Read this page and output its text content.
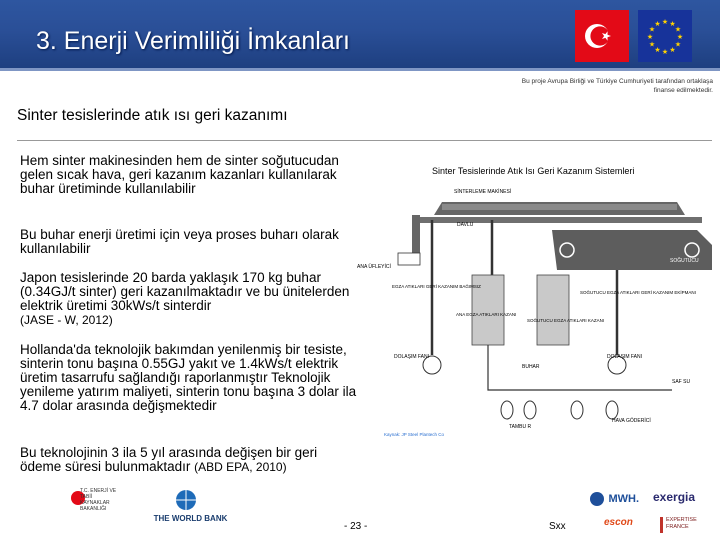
3. Enerji Verimliliği İmkanları
★ ★
★
★
★
★
★
★
★
★
★
★
Bu proje Avrupa Birliği ve Türkiye Cumhuriyeti tarafından ortaklaşa finanse edilmektedir.
Sinter tesislerinde atık ısı geri kazanımı
Hem sinter makinesinden hem de sinter soğutucudan gelen sıcak hava, geri kazanım kazanları kullanılarak buhar üretiminde kullanılabilir
Bu buhar enerji üretimi için veya proses buharı olarak kullanılabilir
Japon tesislerinde 20 barda yaklaşık 170 kg buhar (0.34GJ/t sinter) geri kazanılmaktadır ve bu ünitelerden elektrik üretimi 30kWs/t sinterdir
(JASE - W, 2012)
Hollanda'da teknolojik bakımdan yenilenmiş bir tesiste, sinterin tonu başına 0.55GJ yakıt ve 1.4kWs/t elektrik üretim tasarrufu sağlandığı raporlanmıştır Teknolojik yenileme yatırım maliyeti, sinterin tonu başına 3 dolar ila 4.7 dolar arasında değişmektedir
Bu teknolojinin 3 ila 5 yıl arasında değişen bir geri ödeme süresi bulunmaktadır (ABD EPA, 2010)
Sinter Tesislerinde Atık Isı Geri Kazanım Sistemleri
SİNTERLEME MAKİNESİ
DAVLU
ANA ÜFLEYİCİ
SOĞUTUCU
EGZA ATIKLARI GERİ KAZANIM BAĞIMSIZ
ANA EGZA ATIKLARI KAZANI
SOĞUTUCU EGZA ATIKLARI KAZANI
SOĞUTUCU EGZA ATIKLARI GERİ KAZANIM EKİPMANI
DOLAŞIM FANI	DOLAŞIM FANI
BUHAR
SAF SU
TAMBU R
HAVA GÖDERİCİ
Kaynak: JP Steel Plantech Co
T.C. ENERJİ VE TABİİ KAYNAKLAR BAKANLIĞI
THE WORLD BANK
- 23 -	Sxx
MWH.	exergia
escon	EXPERTISE FRANCE
